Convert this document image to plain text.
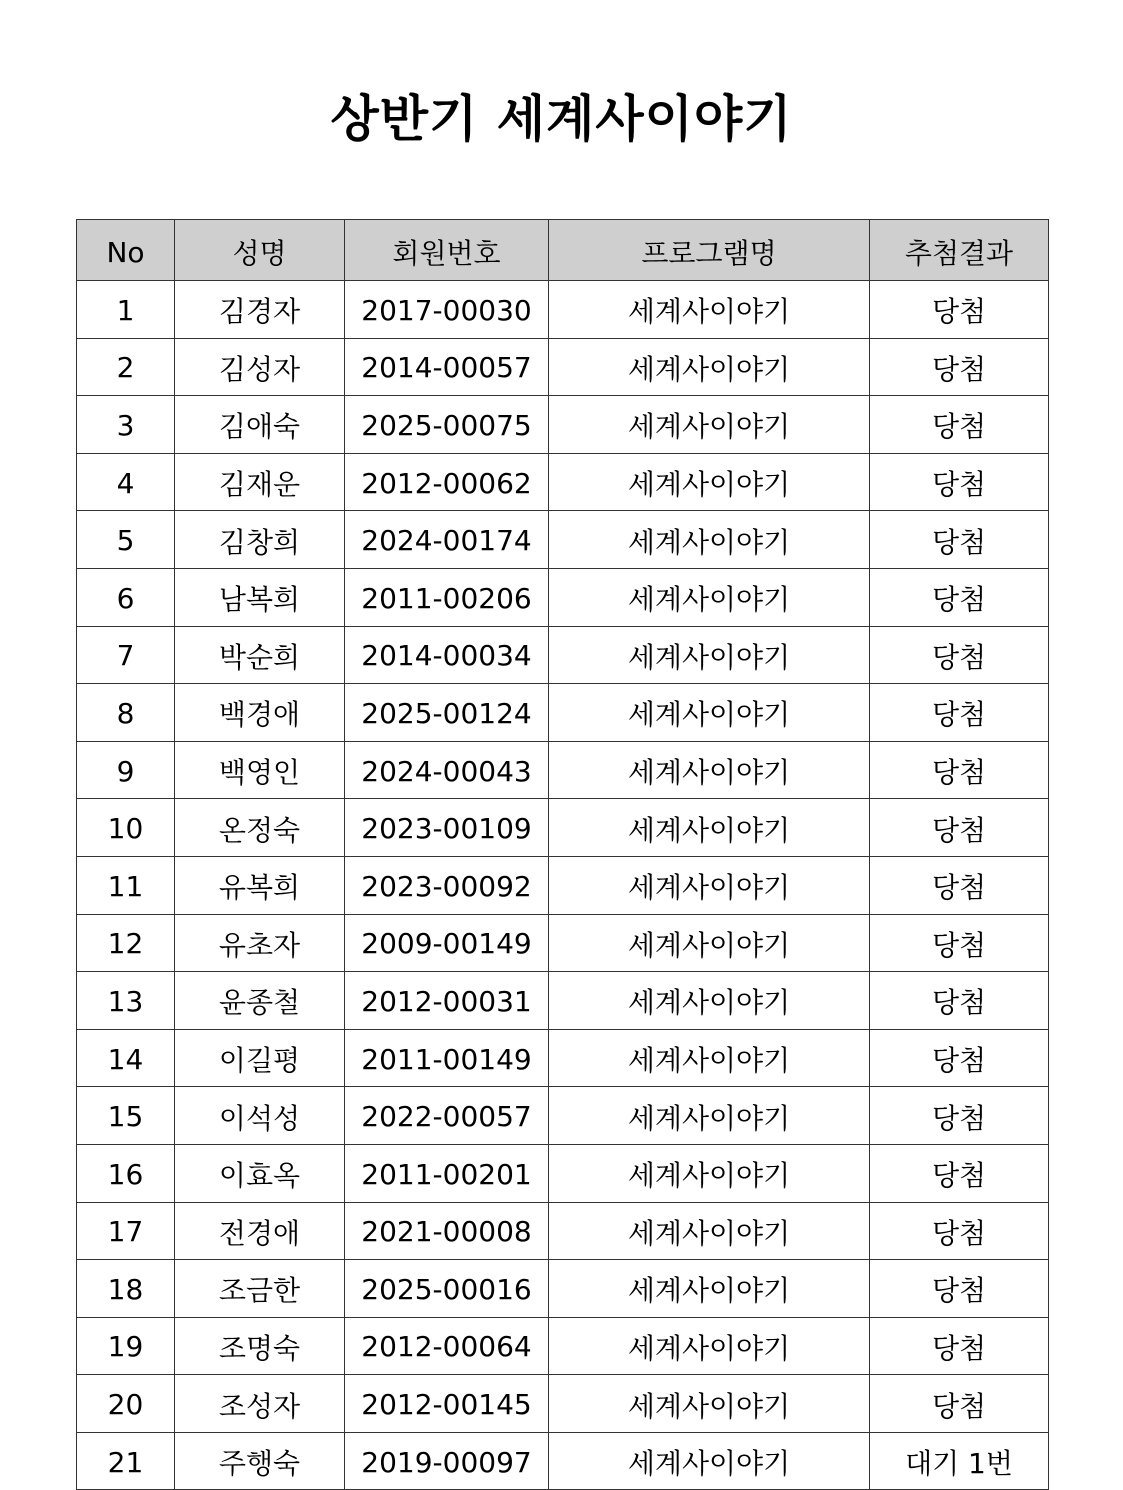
상반기 세계사이야기
No	성명	회원번호	프로그램명	추첨결과
1	김경자	2017-00030	세계사이야기	당첨
2	김성자	2014-00057	세계사이야기	당첨
3	김애숙	2025-00075	세계사이야기	당첨
4	김재운	2012-00062	세계사이야기	당첨
5	김창희	2024-00174	세계사이야기	당첨
6	남복희	2011-00206	세계사이야기	당첨
7	박순희	2014-00034	세계사이야기	당첨
8	백경애	2025-00124	세계사이야기	당첨
9	백영인	2024-00043	세계사이야기	당첨
10	온정숙	2023-00109	세계사이야기	당첨
11	유복희	2023-00092	세계사이야기	당첨
12	유초자	2009-00149	세계사이야기	당첨
13	윤종철	2012-00031	세계사이야기	당첨
14	이길평	2011-00149	세계사이야기	당첨
15	이석성	2022-00057	세계사이야기	당첨
16	이효옥	2011-00201	세계사이야기	당첨
17	전경애	2021-00008	세계사이야기	당첨
18	조금한	2025-00016	세계사이야기	당첨
19	조명숙	2012-00064	세계사이야기	당첨
20	조성자	2012-00145	세계사이야기	당첨
21	주행숙	2019-00097	세계사이야기	대기 1번
